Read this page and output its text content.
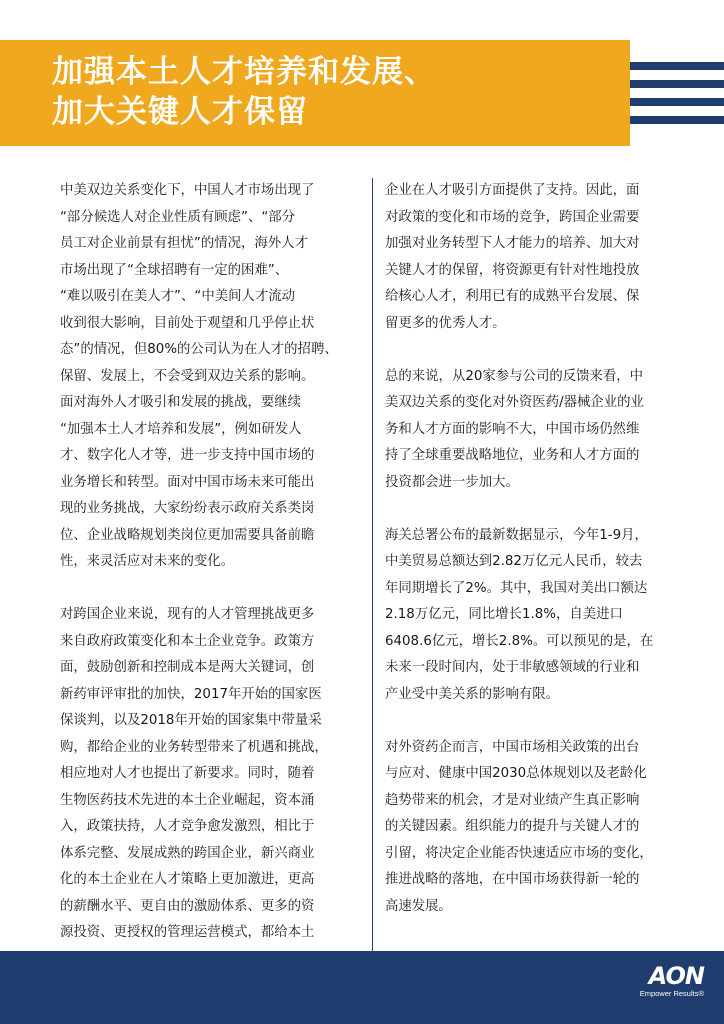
加强本土人才培养和发展、
加大关键人才保留

中美双边关系变化下，中国人才市场出现了
“部分候选人对企业性质有顾虑”、“部分
员工对企业前景有担忧”的情况，海外人才
市场出现了“全球招聘有一定的困难”、
“难以吸引在美人才”、“中美间人才流动
收到很大影响，目前处于观望和几乎停止状
态”的情况，但80%的公司认为在人才的招聘、
保留、发展上，不会受到双边关系的影响。
面对海外人才吸引和发展的挑战，要继续
“加强本土人才培养和发展”，例如研发人
才、数字化人才等，进一步支持中国市场的
业务增长和转型。面对中国市场未来可能出
现的业务挑战，大家纷纷表示政府关系类岗
位、企业战略规划类岗位更加需要具备前瞻
性，来灵活应对未来的变化。

对跨国企业来说，现有的人才管理挑战更多
来自政府政策变化和本土企业竞争。政策方
面，鼓励创新和控制成本是两大关键词，创
新药审评审批的加快，2017年开始的国家医
保谈判，以及2018年开始的国家集中带量采
购，都给企业的业务转型带来了机遇和挑战，
相应地对人才也提出了新要求。同时，随着
生物医药技术先进的本土企业崛起，资本涌
入，政策扶持，人才竞争愈发激烈，相比于
体系完整、发展成熟的跨国企业，新兴商业
化的本土企业在人才策略上更加激进，更高
的薪酬水平、更自由的激励体系、更多的资
源投资、更授权的管理运营模式，都给本土

企业在人才吸引方面提供了支持。因此，面
对政策的变化和市场的竞争，跨国企业需要
加强对业务转型下人才能力的培养、加大对
关键人才的保留，将资源更有针对性地投放
给核心人才，利用已有的成熟平台发展、保
留更多的优秀人才。

总的来说，从20家参与公司的反馈来看，中
美双边关系的变化对外资医药/器械企业的业
务和人才方面的影响不大，中国市场仍然维
持了全球重要战略地位，业务和人才方面的
投资都会进一步加大。

海关总署公布的最新数据显示，今年1-9月，
中美贸易总额达到2.82万亿元人民币，较去
年同期增长了2%。其中，我国对美出口额达
2.18万亿元，同比增长1.8%，自美进口
6408.6亿元，增长2.8%。可以预见的是，在
未来一段时间内，处于非敏感领域的行业和
产业受中美关系的影响有限。

对外资药企而言，中国市场相关政策的出台
与应对、健康中国2030总体规划以及老龄化
趋势带来的机会，才是对业绩产生真正影响
的关键因素。组织能力的提升与关键人才的
引留，将决定企业能否快速适应市场的变化，
推进战略的落地，在中国市场获得新一轮的
高速发展。

AON
Empower Results®
